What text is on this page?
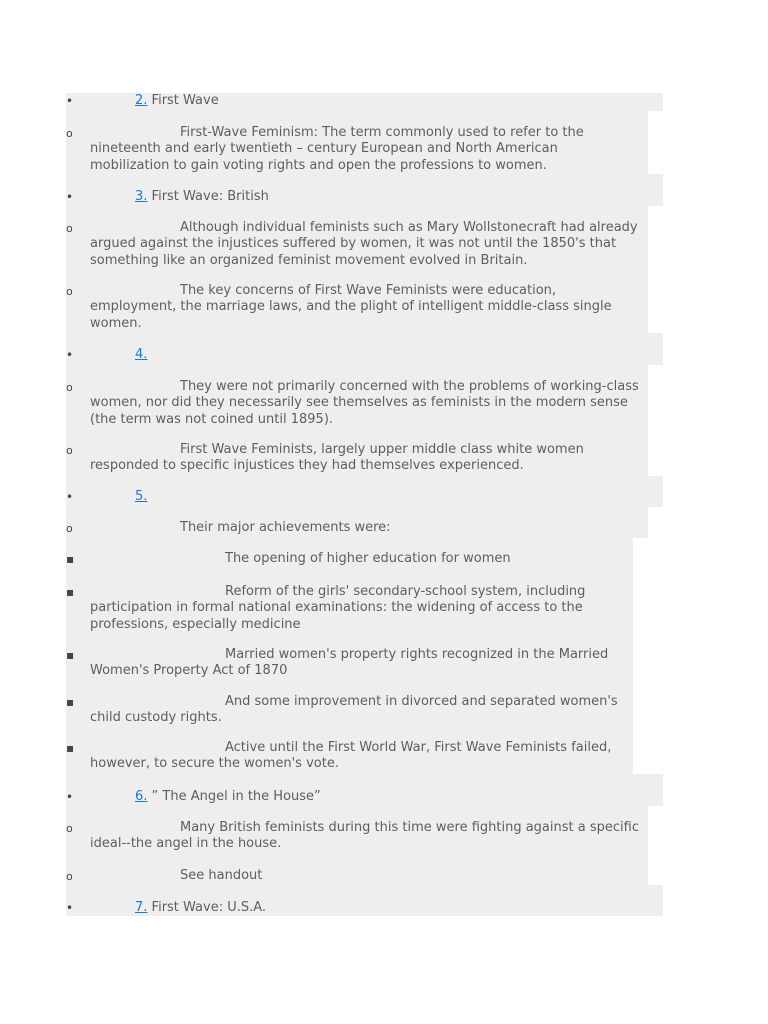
•
2. First Wave
o
First-Wave Feminism: The term commonly used to refer to the
nineteenth and early twentieth – century European and North American
mobilization to gain voting rights and open the professions to women.
•
3. First Wave: British
o
Although individual feminists such as Mary Wollstonecraft had already
argued against the injustices suffered by women, it was not until the 1850's that
something like an organized feminist movement evolved in Britain.
o
The key concerns of First Wave Feminists were education,
employment, the marriage laws, and the plight of intelligent middle-class single
women.
•
4.
o
They were not primarily concerned with the problems of working-class
women, nor did they necessarily see themselves as feminists in the modern sense
(the term was not coined until 1895).
o
First Wave Feminists, largely upper middle class white women
responded to specific injustices they had themselves experienced.
•
5.
o
Their major achievements were:
▪
The opening of higher education for women
▪
Reform of the girls' secondary-school system, including
participation in formal national examinations: the widening of access to the
professions, especially medicine
▪
Married women's property rights recognized in the Married
Women's Property Act of 1870
▪
And some improvement in divorced and separated women's
child custody rights.
▪
Active until the First World War, First Wave Feminists failed,
however, to secure the women's vote.
•
6. ” The Angel in the House”
o
Many British feminists during this time were fighting against a specific
ideal--the angel in the house.
o
See handout
•
7. First Wave: U.S.A.
